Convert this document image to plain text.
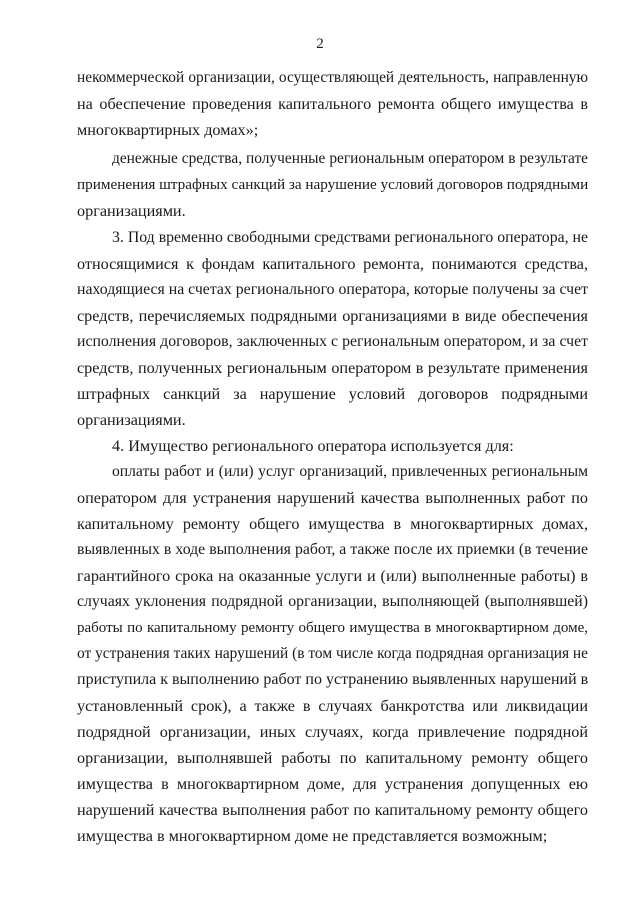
2
некоммерческой организации, осуществляющей деятельность, направленную
на обеспечение проведения капитального ремонта общего имущества в
многоквартирных домах»;
денежные средства, полученные региональным оператором в результате
применения штрафных санкций за нарушение условий договоров подрядными
организациями.
3. Под временно свободными средствами регионального оператора, не
относящимися к фондам капитального ремонта, понимаются средства,
находящиеся на счетах регионального оператора, которые получены за счет
средств, перечисляемых подрядными организациями в виде обеспечения
исполнения договоров, заключенных с региональным оператором, и за счет
средств, полученных региональным оператором в результате применения
штрафных санкций за нарушение условий договоров подрядными
организациями.
4. Имущество регионального оператора используется для:
оплаты работ и (или) услуг организаций, привлеченных региональным
оператором для устранения нарушений качества выполненных работ по
капитальному ремонту общего имущества в многоквартирных домах,
выявленных в ходе выполнения работ, а также после их приемки (в течение
гарантийного срока на оказанные услуги и (или) выполненные работы) в
случаях уклонения подрядной организации, выполняющей (выполнявшей)
работы по капитальному ремонту общего имущества в многоквартирном доме,
от устранения таких нарушений (в том числе когда подрядная организация не
приступила к выполнению работ по устранению выявленных нарушений в
установленный срок), а также в случаях банкротства или ликвидации
подрядной организации, иных случаях, когда привлечение подрядной
организации, выполнявшей работы по капитальному ремонту общего
имущества в многоквартирном доме, для устранения допущенных ею
нарушений качества выполнения работ по капитальному ремонту общего
имущества в многоквартирном доме не представляется возможным;
